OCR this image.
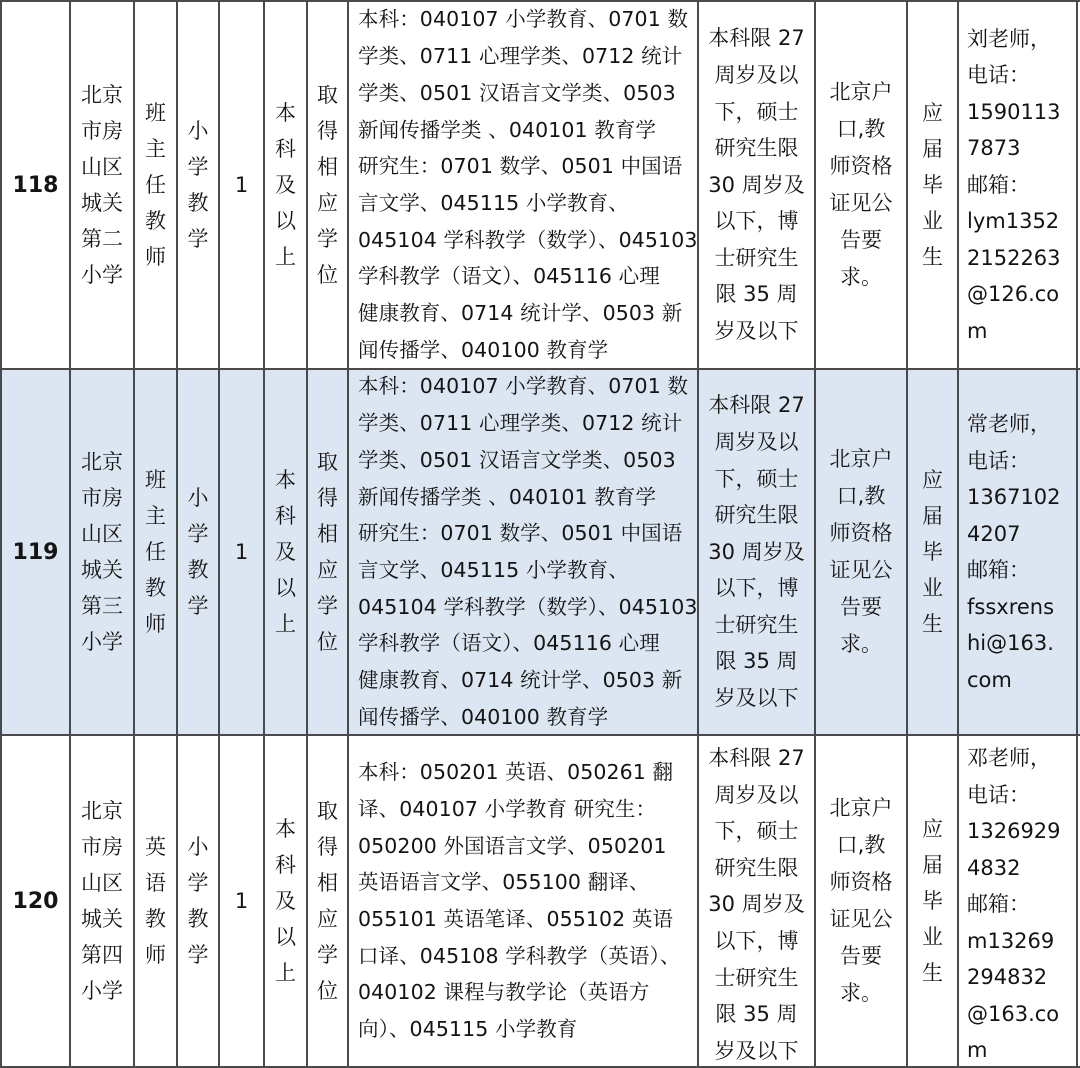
118
北京
市房
山区
城关
第二
小学
班
主
任
教
师
小
学
教
学
1
本
科
及
以
上
取
得
相
应
学
位
本科：040107 小学教育、0701 数
学类、0711 心理学类、0712 统计
学类、0501 汉语言文学类、0503
新闻传播学类 、040101 教育学
研究生：0701 数学、0501 中国语
言文学、045115 小学教育、
045104 学科教学（数学）、045103
学科教学（语文）、045116 心理
健康教育、0714 统计学、0503 新
闻传播学、040100 教育学
本科限 27
周岁及以
下，硕士
研究生限
30 周岁及
以下，博
士研究生
限 35 周
岁及以下
北京户
口,教
师资格
证见公
告要
求。
应
届
毕
业
生
刘老师，
电话：
1590113
7873
邮箱：
lym1352
2152263
@126.co
m
119
北京
市房
山区
城关
第三
小学
班
主
任
教
师
小
学
教
学
1
本
科
及
以
上
取
得
相
应
学
位
本科：040107 小学教育、0701 数
学类、0711 心理学类、0712 统计
学类、0501 汉语言文学类、0503
新闻传播学类 、040101 教育学
研究生：0701 数学、0501 中国语
言文学、045115 小学教育、
045104 学科教学（数学）、045103
学科教学（语文）、045116 心理
健康教育、0714 统计学、0503 新
闻传播学、040100 教育学
本科限 27
周岁及以
下，硕士
研究生限
30 周岁及
以下，博
士研究生
限 35 周
岁及以下
北京户
口,教
师资格
证见公
告要
求。
应
届
毕
业
生
常老师，
电话：
1367102
4207
邮箱：
fssxrens
hi@163.
com
120
北京
市房
山区
城关
第四
小学
英
语
教
师
小
学
教
学
1
本
科
及
以
上
取
得
相
应
学
位
本科：050201 英语、050261 翻
译、040107 小学教育 研究生：
050200 外国语言文学、050201
英语语言文学、055100 翻译、
055101 英语笔译、055102 英语
口译、045108 学科教学（英语）、
040102 课程与教学论（英语方
向）、045115 小学教育
本科限 27
周岁及以
下，硕士
研究生限
30 周岁及
以下，博
士研究生
限 35 周
岁及以下
北京户
口,教
师资格
证见公
告要
求。
应
届
毕
业
生
邓老师，
电话：
1326929
4832
邮箱：
m13269
294832
@163.co
m
